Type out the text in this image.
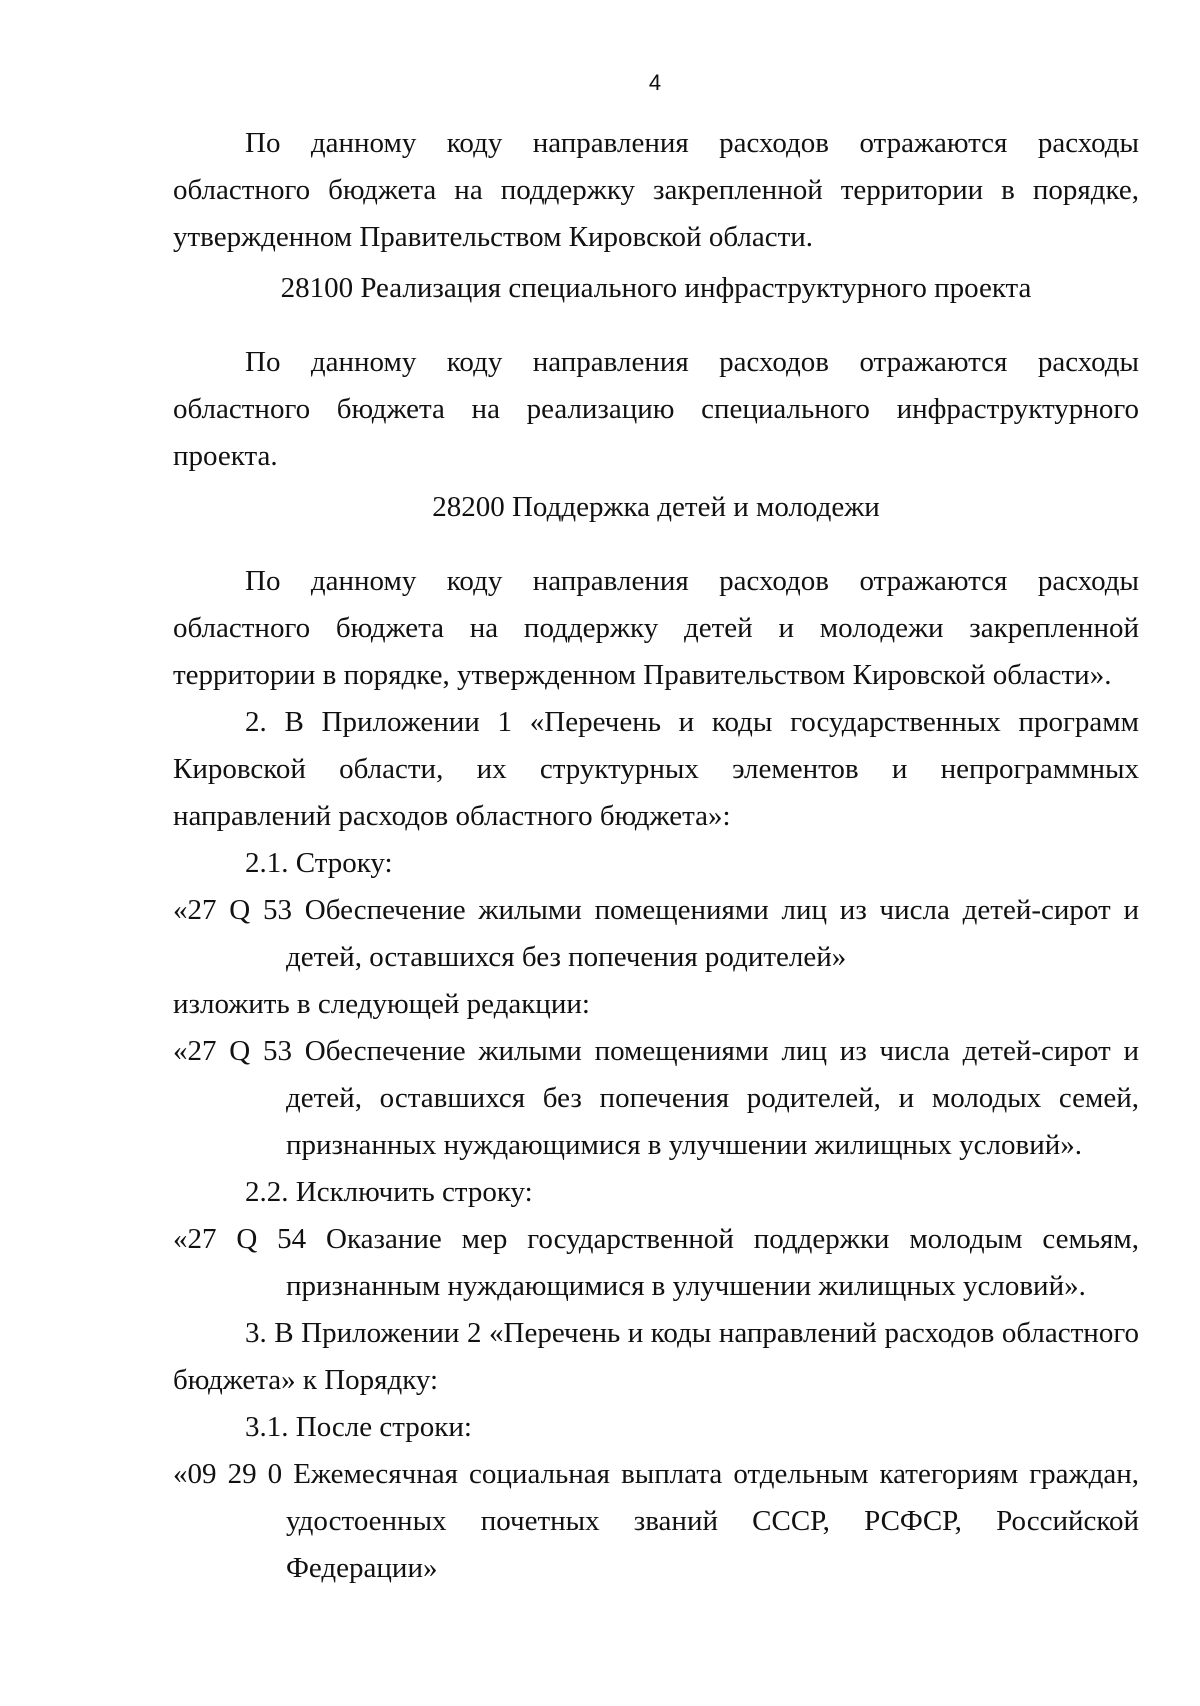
4

По данному коду направления расходов отражаются расходы областного бюджета на поддержку закрепленной территории в порядке, утвержденном Правительством Кировской области.

28100 Реализация специального инфраструктурного проекта

По данному коду направления расходов отражаются расходы областного бюджета на реализацию специального инфраструктурного проекта.

28200 Поддержка детей и молодежи

По данному коду направления расходов отражаются расходы областного бюджета на поддержку детей и молодежи закрепленной территории в порядке, утвержденном Правительством Кировской области».

2. В Приложении 1 «Перечень и коды государственных программ Кировской области, их структурных элементов и непрограммных направлений расходов областного бюджета»:

2.1. Строку:

«27 Q 53 Обеспечение жилыми помещениями лиц из числа детей-сирот и детей, оставшихся без попечения родителей»

изложить в следующей редакции:

«27 Q 53 Обеспечение жилыми помещениями лиц из числа детей-сирот и детей, оставшихся без попечения родителей, и молодых семей, признанных нуждающимися в улучшении жилищных условий».

2.2. Исключить строку:

«27 Q 54 Оказание мер государственной поддержки молодым семьям, признанным нуждающимися в улучшении жилищных условий».

3. В Приложении 2 «Перечень и коды направлений расходов областного бюджета» к Порядку:

3.1. После строки:

«09 29 0 Ежемесячная социальная выплата отдельным категориям граждан, удостоенных почетных званий СССР, РСФСР, Российской

Федерации»
